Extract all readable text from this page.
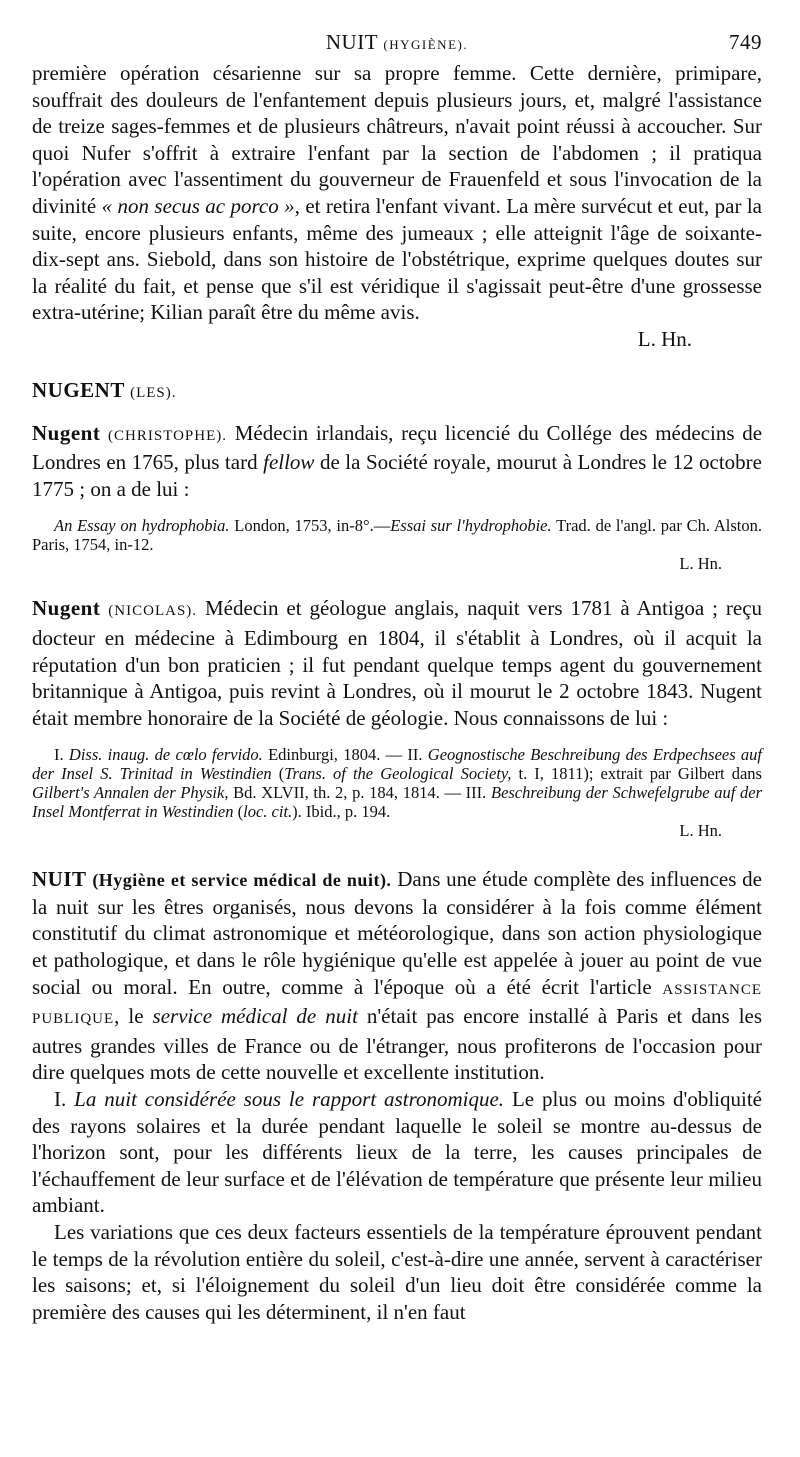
NUIT (HYGIÈNE).	749

première opération césarienne sur sa propre femme. Cette dernière, primipare, souffrait des douleurs de l'enfantement depuis plusieurs jours, et, malgré l'assistance de treize sages-femmes et de plusieurs châtreurs, n'avait point réussi à accoucher. Sur quoi Nufer s'offrit à extraire l'enfant par la section de l'abdomen ; il pratiqua l'opération avec l'assentiment du gouverneur de Frauenfeld et sous l'invocation de la divinité « non secus ac porco », et retira l'enfant vivant. La mère survécut et eut, par la suite, encore plusieurs enfants, même des jumeaux ; elle atteignit l'âge de soixante-dix-sept ans. Siebold, dans son histoire de l'obstétrique, exprime quelques doutes sur la réalité du fait, et pense que s'il est véridique il s'agissait peut-être d'une grossesse extra-utérine; Kilian paraît être du même avis.
L. Hn.

NUGENT (LES).

Nugent (CHRISTOPHE). Médecin irlandais, reçu licencié du Collége des médecins de Londres en 1765, plus tard fellow de la Société royale, mourut à Londres le 12 octobre 1775 ; on a de lui :

An Essay on hydrophobia. London, 1753, in-8°.—Essai sur l'hydrophobie. Trad. de l'angl. par Ch. Alston. Paris, 1754, in-12.
L. Hn.

Nugent (NICOLAS). Médecin et géologue anglais, naquit vers 1781 à Antigoa ; reçu docteur en médecine à Edimbourg en 1804, il s'établit à Londres, où il acquit la réputation d'un bon praticien ; il fut pendant quelque temps agent du gouvernement britannique à Antigoa, puis revint à Londres, où il mourut le 2 octobre 1843. Nugent était membre honoraire de la Société de géologie. Nous connaissons de lui :

I. Diss. inaug. de cœlo fervido. Edinburgi, 1804. — II. Geognostische Beschreibung des Erdpechsees auf der Insel S. Trinitad in Westindien (Trans. of the Geological Society, t. I, 1811); extrait par Gilbert dans Gilbert's Annalen der Physik, Bd. XLVII, th. 2, p. 184, 1814. — III. Beschreibung der Schwefelgrube auf der Insel Montferrat in Westindien (loc. cit.). Ibid., p. 194.
L. Hn.

NUIT (Hygiène et service médical de nuit). Dans une étude complète des influences de la nuit sur les êtres organisés, nous devons la considérer à la fois comme élément constitutif du climat astronomique et météorologique, dans son action physiologique et pathologique, et dans le rôle hygiénique qu'elle est appelée à jouer au point de vue social ou moral. En outre, comme à l'époque où a été écrit l'article ASSISTANCE PUBLIQUE, le service médical de nuit n'était pas encore installé à Paris et dans les autres grandes villes de France ou de l'étranger, nous profiterons de l'occasion pour dire quelques mots de cette nouvelle et excellente institution.

I. La nuit considérée sous le rapport astronomique. Le plus ou moins d'obliquité des rayons solaires et la durée pendant laquelle le soleil se montre au-dessus de l'horizon sont, pour les différents lieux de la terre, les causes principales de l'échauffement de leur surface et de l'élévation de température que présente leur milieu ambiant.

Les variations que ces deux facteurs essentiels de la température éprouvent pendant le temps de la révolution entière du soleil, c'est-à-dire une année, servent à caractériser les saisons; et, si l'éloignement du soleil d'un lieu doit être considérée comme la première des causes qui les déterminent, il n'en faut
